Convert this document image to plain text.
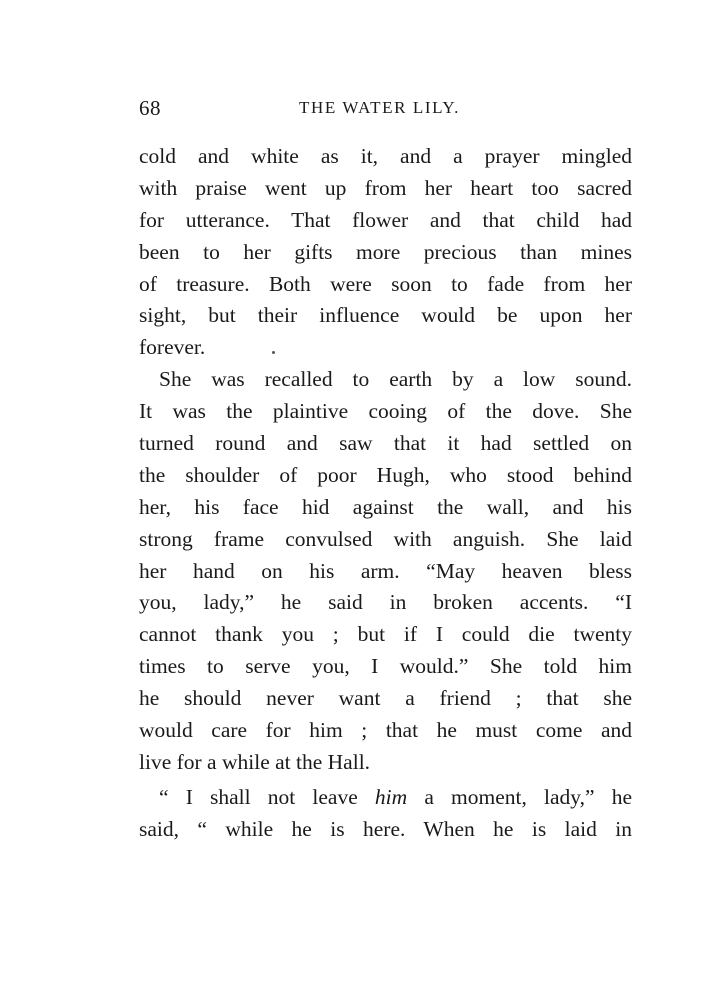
68	THE WATER LILY.
cold and white as it, and a prayer mingled
with praise went up from her heart too sacred
for utterance. That flower and that child had
been to her gifts more precious than mines
of treasure. Both were soon to fade from her
sight, but their influence would be upon her
forever.
She was recalled to earth by a low sound.
It was the plaintive cooing of the dove. She
turned round and saw that it had settled on
the shoulder of poor Hugh, who stood behind
her, his face hid against the wall, and his
strong frame convulsed with anguish. She laid
her hand on his arm. “May heaven bless
you, lady,” he said in broken accents. “I
cannot thank you ; but if I could die twenty
times to serve you, I would.” She told him
he should never want a friend ; that she
would care for him ; that he must come and
live for a while at the Hall.
“ I shall not leave him a moment, lady,” he
said, “ while he is here. When he is laid in
